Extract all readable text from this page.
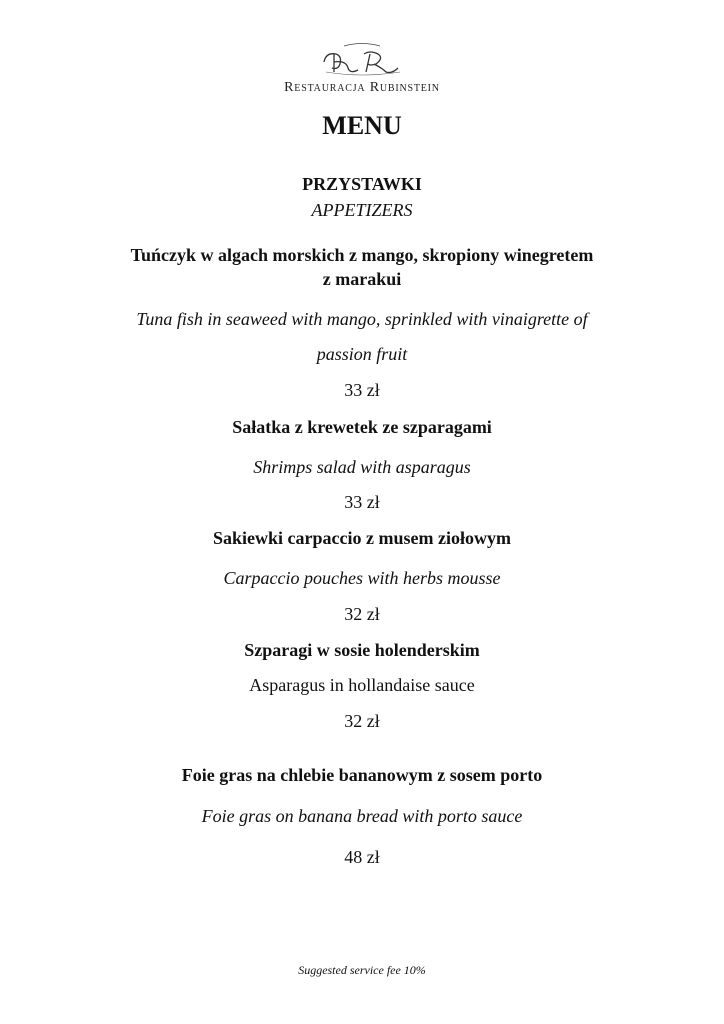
Restauracja Rubinstein
MENU
PRZYSTAWKI
APPETIZERS
Tuńczyk w algach morskich z mango, skropiony winegretem
z marakui
Tuna fish in seaweed with mango, sprinkled with vinaigrette of
passion fruit
33 zł
Sałatka z krewetek ze szparagami
Shrimps salad with asparagus
33 zł
Sakiewki carpaccio z musem ziołowym
Carpaccio pouches with herbs mousse
32 zł
Szparagi w sosie holenderskim
Asparagus in hollandaise sauce
32 zł
Foie gras na chlebie bananowym z sosem porto
Foie gras on banana bread with porto sauce
48 zł
Suggested service fee 10%
